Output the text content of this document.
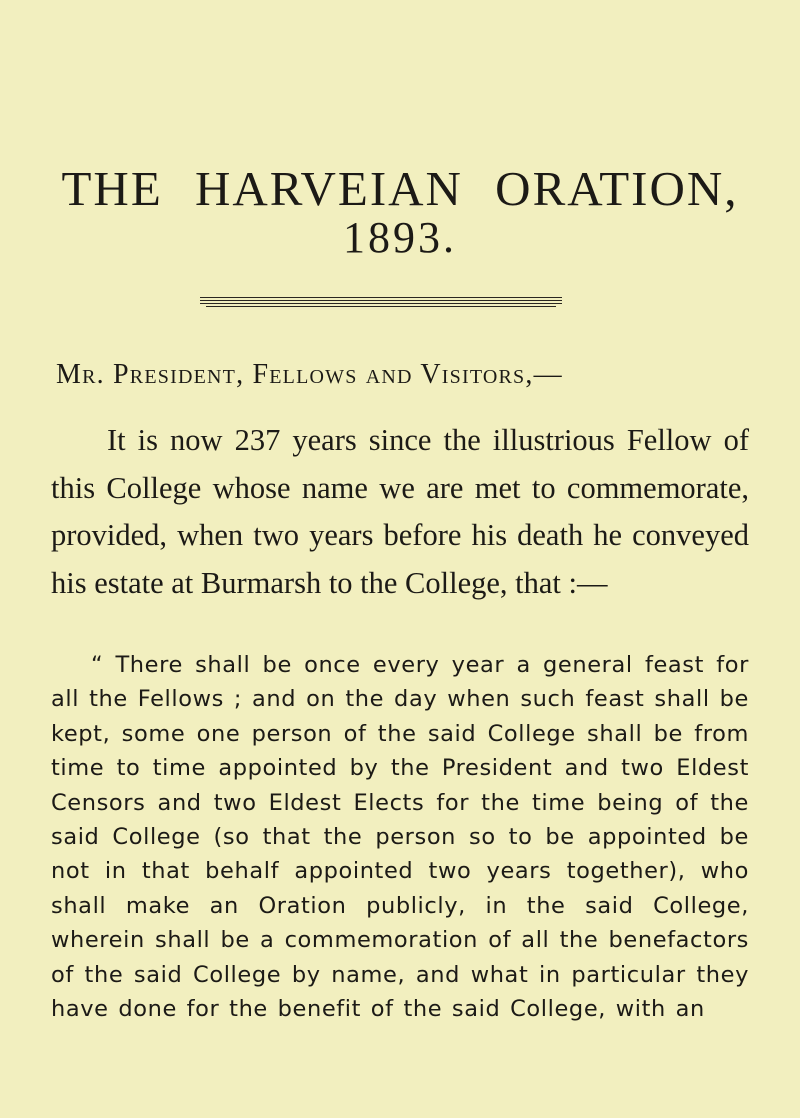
THE HARVEIAN ORATION,
1893.
Mr. President, Fellows and Visitors,—

It is now 237 years since the illustrious Fellow of this College whose name we are met to commemorate, provided, when two years before his death he conveyed his estate at Burmarsh to the College, that :—

“ There shall be once every year a general feast for all the Fellows ; and on the day when such feast shall be kept, some one person of the said College shall be from time to time appointed by the President and two Eldest Censors and two Eldest Elects for the time being of the said College (so that the person so to be appointed be not in that behalf appointed two years together), who shall make an Oration publicly, in the said College, wherein shall be a commemoration of all the benefactors of the said College by name, and what in particular they have done for the benefit of the said College, with an
